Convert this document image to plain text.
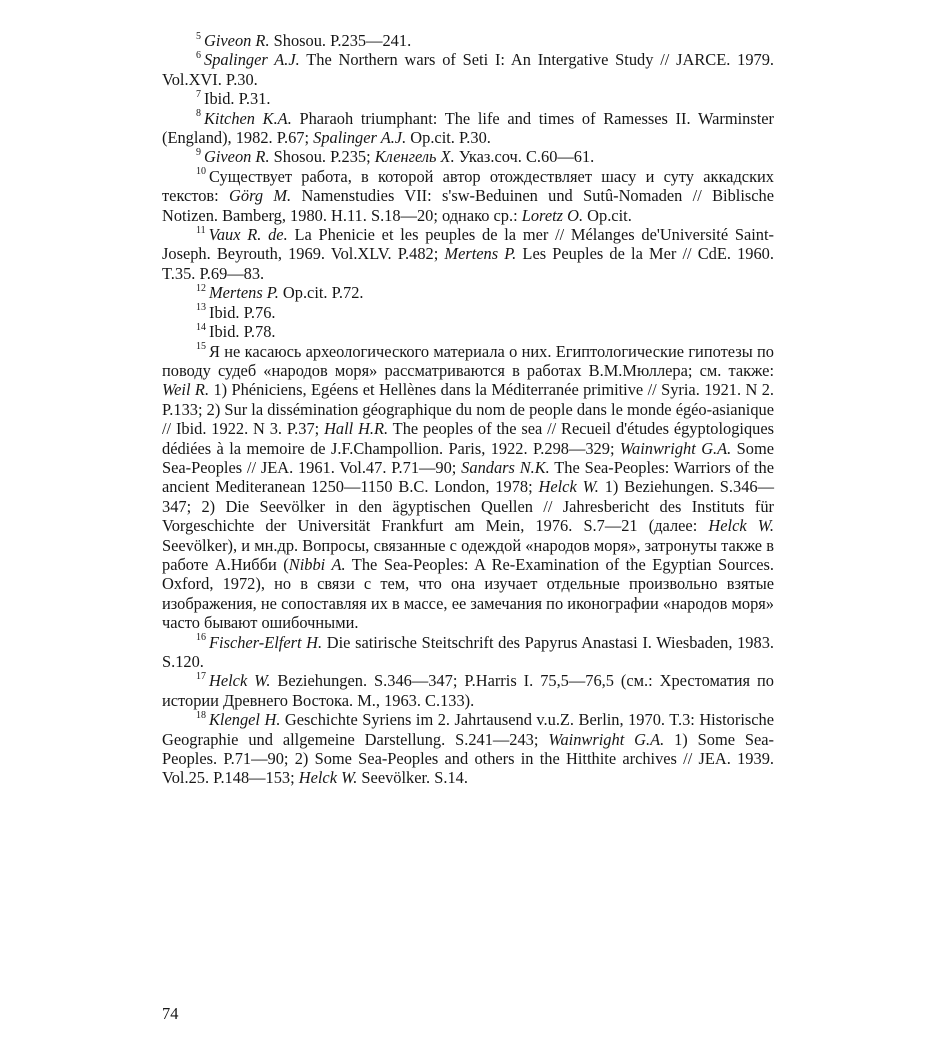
$^5$ Giveon R. Shosou. P.235—241.

$^6$ Spalinger A.J. The Northern wars of Seti I: An Intergative Study // JARCE. 1979. Vol.XVI. P.30.

$^7$ Ibid. P.31.

$^8$ Kitchen K.A. Pharaoh triumphant: The life and times of Ramesses II. Warminster (England), 1982. P.67; Spalinger A.J. Op.cit. P.30.

$^9$ Giveon R. Shosou. P.235; Кленгель Х. Указ.соч. С.60—61.

$^{10}$ Существует работа, в которой автор отождествляет шасу и суту аккадских текстов: Görg M. Namenstudies VII: s'sw-Beduinen und Sutû-Nomaden // Biblische Notizen. Bamberg, 1980. H.11. S.18—20; однако ср.: Loretz O. Op.cit.

$^{11}$ Vaux R. de. La Phenicie et les peuples de la mer // Mélanges de'Université Saint-Joseph. Beyrouth, 1969. Vol.XLV. P.482; Mertens P. Les Peuples de la Mer // CdE. 1960. T.35. P.69—83.

$^{12}$ Mertens P. Op.cit. P.72.

$^{13}$ Ibid. P.76.

$^{14}$ Ibid. P.78.

$^{15}$ Я не касаюсь археологического материала о них. Египтологические гипотезы по поводу судеб «народов моря» рассматриваются в работах В.М.Мюллера; см. также: Weil R. 1) Phéniciens, Egéens et Hellènes dans la Méditerranée primitive // Syria. 1921. N 2. P.133; 2) Sur la dissémination géographique du nom de people dans le monde égéo-asianique // Ibid. 1922. N 3. P.37; Hall H.R. The peoples of the sea // Recueil d'études égyptologiques dédiées à la memoire de J.F.Champollion. Paris, 1922. P.298—329; Wainwright G.A. Some Sea-Peoples // JEA. 1961. Vol.47. P.71—90; Sandars N.K. The Sea-Peoples: Warriors of the ancient Mediteranean 1250—1150 B.C. London, 1978; Helck W. 1) Beziehungen. S.346—347; 2) Die Seevölker in den ägyptischen Quellen // Jahresbericht des Instituts für Vorgeschichte der Universität Frankfurt am Mein, 1976. S.7—21 (далее: Helck W. Seevölker), и мн.др. Вопросы, связанные с одеждой «народов моря», затронуты также в работе А.Нибби (Nibbi A. The Sea-Peoples: A Re-Examination of the Egyptian Sources. Oxford, 1972), но в связи с тем, что она изучает отдельные произвольно взятые изображения, не сопоставляя их в массе, ее замечания по иконографии «народов моря» часто бывают ошибочными.

$^{16}$ Fischer-Elfert H. Die satirische Steitschrift des Papyrus Anastasi I. Wiesbaden, 1983. S.120.

$^{17}$ Helck W. Beziehungen. S.346—347; P.Harris I. 75,5—76,5 (см.: Хрестоматия по истории Древнего Востока. М., 1963. С.133).

$^{18}$ Klengel H. Geschichte Syriens im 2. Jahrtausend v.u.Z. Berlin, 1970. T.3: Historische Geographie und allgemeine Darstellung. S.241—243; Wainwright G.A. 1) Some Sea-Peoples. P.71—90; 2) Some Sea-Peoples and others in the Hitthite archives // JEA. 1939. Vol.25. P.148—153; Helck W. Seevölker. S.14.

74
